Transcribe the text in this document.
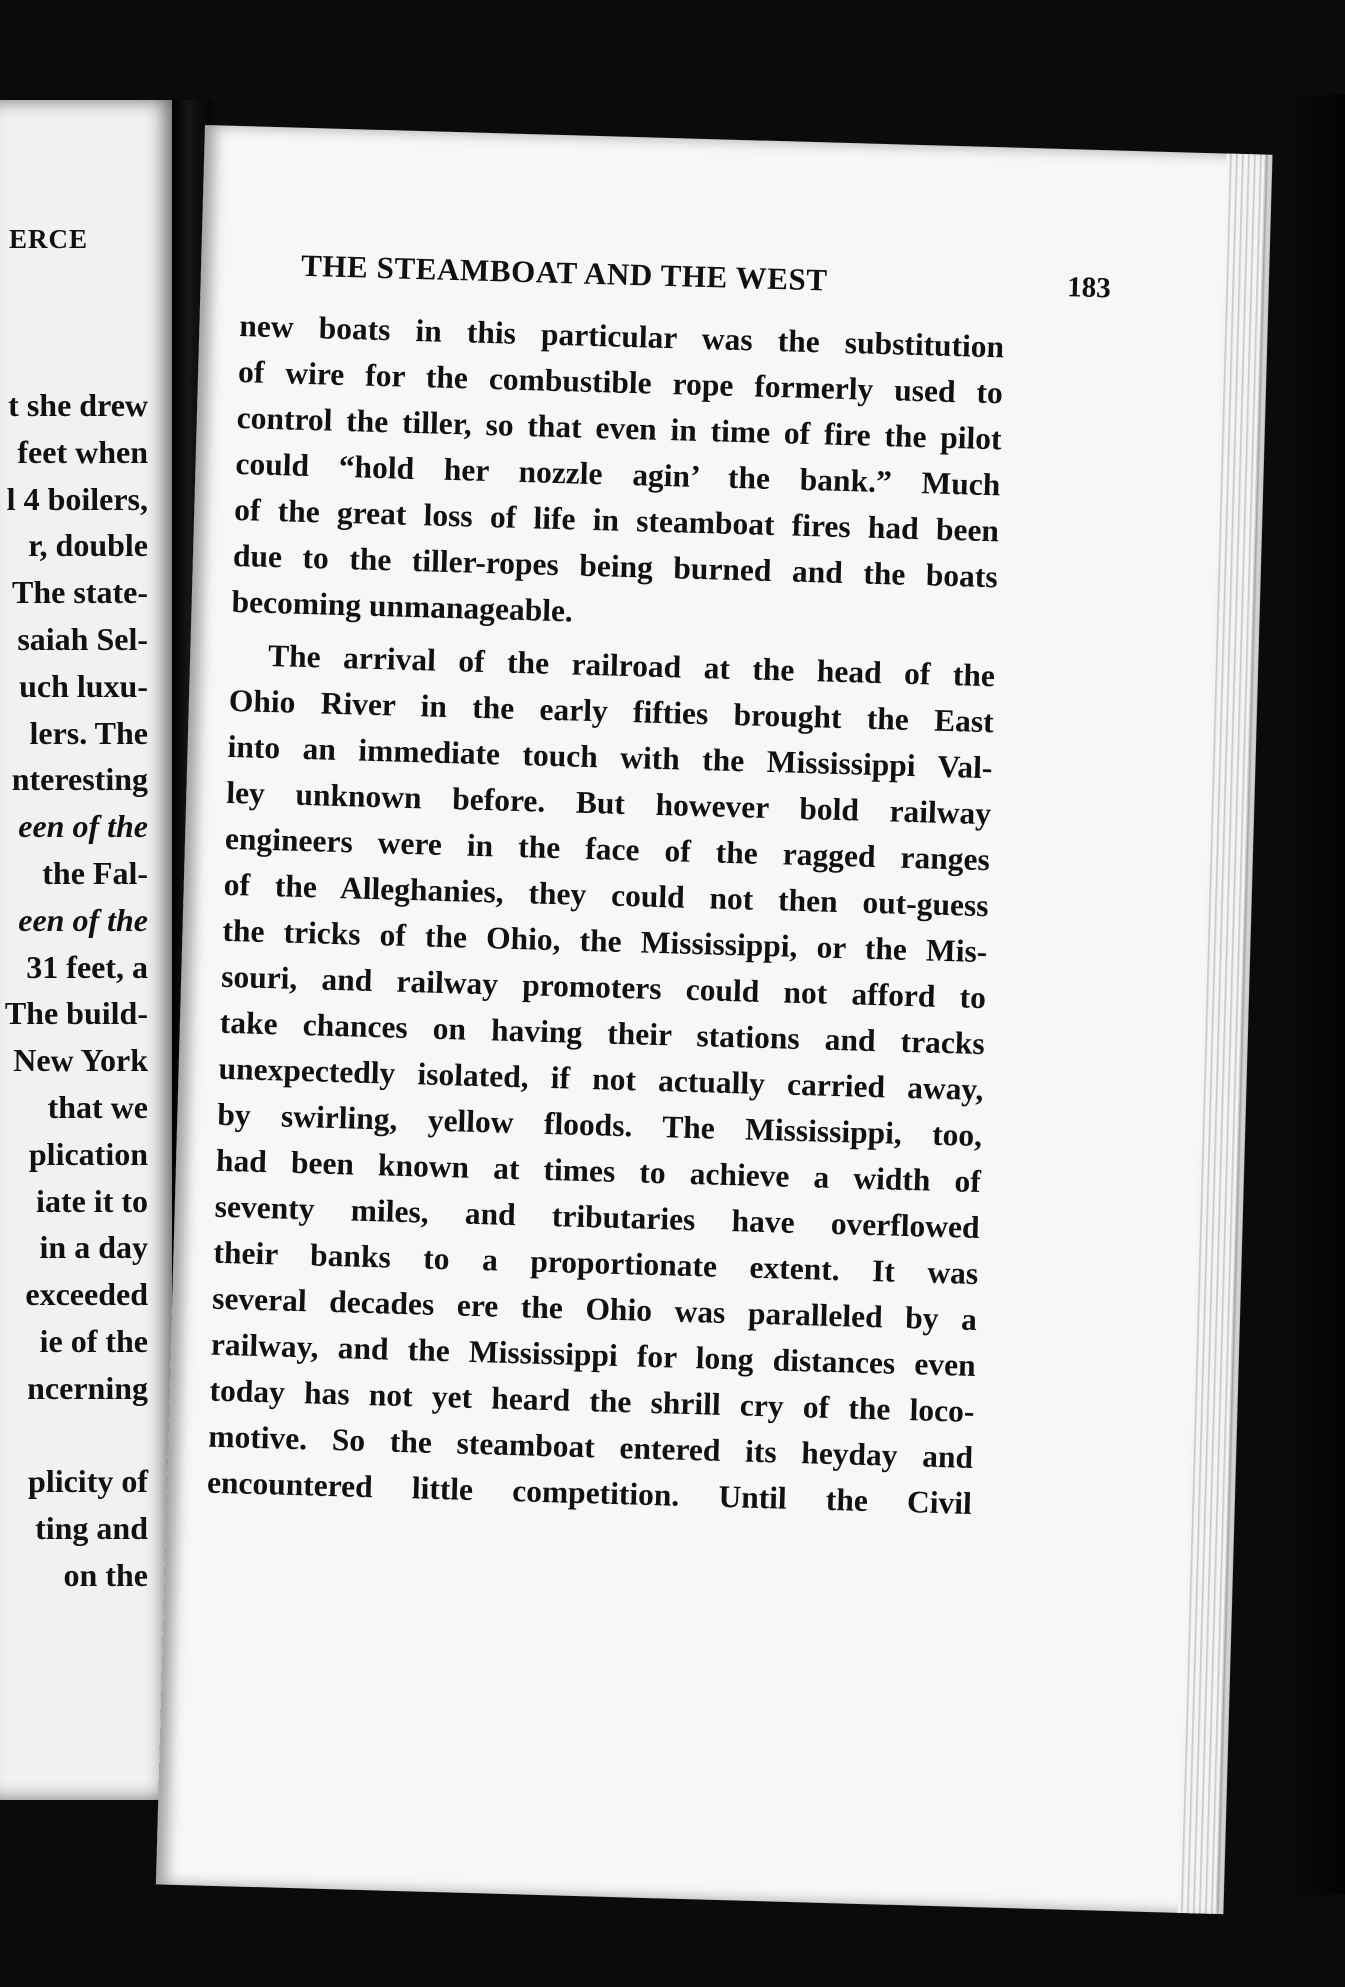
ERCE
t she drew
feet when
l 4 boilers,
r, double
The state-
saiah Sel-
uch luxu-
lers. The
nteresting
een of the
the Fal-
een of the
31 feet, a
The build-
New York
that we
plication
iate it to
in a day
exceeded
ie of the
ncerning
plicity of
ting and
on the
THE STEAMBOAT AND THE WEST	183
new boats in this particular was the substitution
of wire for the combustible rope formerly used to
control the tiller, so that even in time of fire the pilot
could “hold her nozzle agin’ the bank.” Much
of the great loss of life in steamboat fires had been
due to the tiller-ropes being burned and the boats
becoming unmanageable.
The arrival of the railroad at the head of the
Ohio River in the early fifties brought the East
into an immediate touch with the Mississippi Val-
ley unknown before. But however bold railway
engineers were in the face of the ragged ranges
of the Alleghanies, they could not then out-guess
the tricks of the Ohio, the Mississippi, or the Mis-
souri, and railway promoters could not afford to
take chances on having their stations and tracks
unexpectedly isolated, if not actually carried away,
by swirling, yellow floods. The Mississippi, too,
had been known at times to achieve a width of
seventy miles, and tributaries have overflowed
their banks to a proportionate extent. It was
several decades ere the Ohio was paralleled by a
railway, and the Mississippi for long distances even
today has not yet heard the shrill cry of the loco-
motive. So the steamboat entered its heyday and
encountered little competition. Until the Civil
